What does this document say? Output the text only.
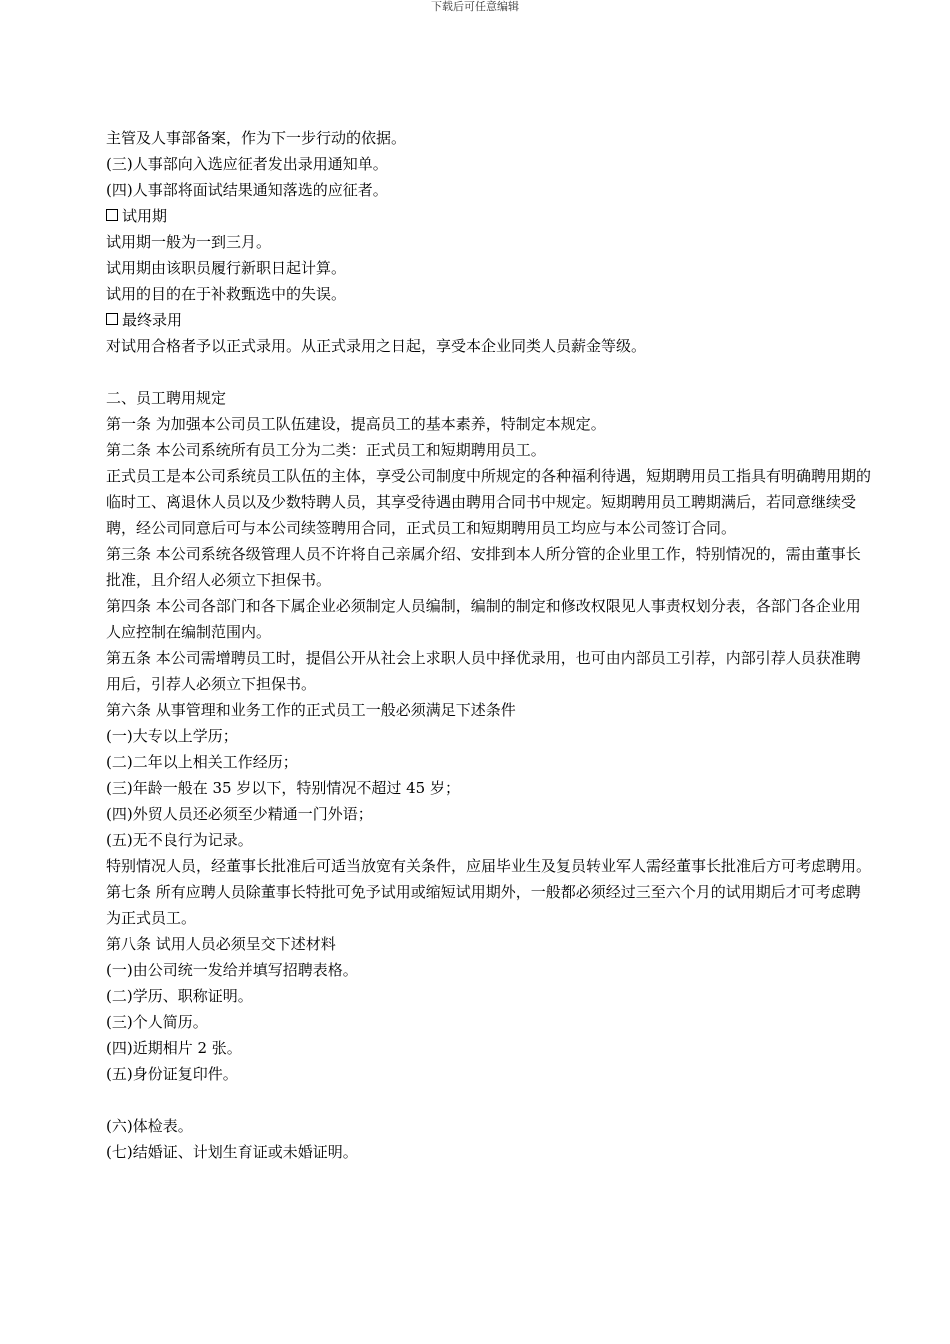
下载后可任意编辑

主管及人事部备案，作为下一步行动的依据。

(三)人事部向入选应征者发出录用通知单。

(四)人事部将面试结果通知落选的应征者。

试用期

试用期一般为一到三月。

试用期由该职员履行新职日起计算。

试用的目的在于补救甄选中的失误。

最终录用

对试用合格者予以正式录用。从正式录用之日起，享受本企业同类人员薪金等级。

二、员工聘用规定

第一条 为加强本公司员工队伍建设，提高员工的基本素养，特制定本规定。

第二条 本公司系统所有员工分为二类：正式员工和短期聘用员工。

正式员工是本公司系统员工队伍的主体，享受公司制度中所规定的各种福利待遇，短期聘用员工指具有明确聘用期的临时工、离退休人员以及少数特聘人员，其享受待遇由聘用合同书中规定。短期聘用员工聘期满后，若同意继续受聘，经公司同意后可与本公司续签聘用合同，正式员工和短期聘用员工均应与本公司签订合同。

第三条 本公司系统各级管理人员不许将自己亲属介绍、安排到本人所分管的企业里工作，特别情况的，需由董事长批准，且介绍人必须立下担保书。

第四条 本公司各部门和各下属企业必须制定人员编制，编制的制定和修改权限见人事责权划分表，各部门各企业用人应控制在编制范围内。

第五条 本公司需增聘员工时，提倡公开从社会上求职人员中择优录用，也可由内部员工引荐，内部引荐人员获准聘用后，引荐人必须立下担保书。

第六条 从事管理和业务工作的正式员工一般必须满足下述条件

(一)大专以上学历；

(二)二年以上相关工作经历；

(三)年龄一般在 35 岁以下，特别情况不超过 45 岁；

(四)外贸人员还必须至少精通一门外语；

(五)无不良行为记录。

特别情况人员，经董事长批准后可适当放宽有关条件，应届毕业生及复员转业军人需经董事长批准后方可考虑聘用。

第七条 所有应聘人员除董事长特批可免予试用或缩短试用期外，一般都必须经过三至六个月的试用期后才可考虑聘为正式员工。

第八条 试用人员必须呈交下述材料

(一)由公司统一发给并填写招聘表格。

(二)学历、职称证明。

(三)个人简历。

(四)近期相片 2 张。

(五)身份证复印件。

(六)体检表。

(七)结婚证、计划生育证或未婚证明。
